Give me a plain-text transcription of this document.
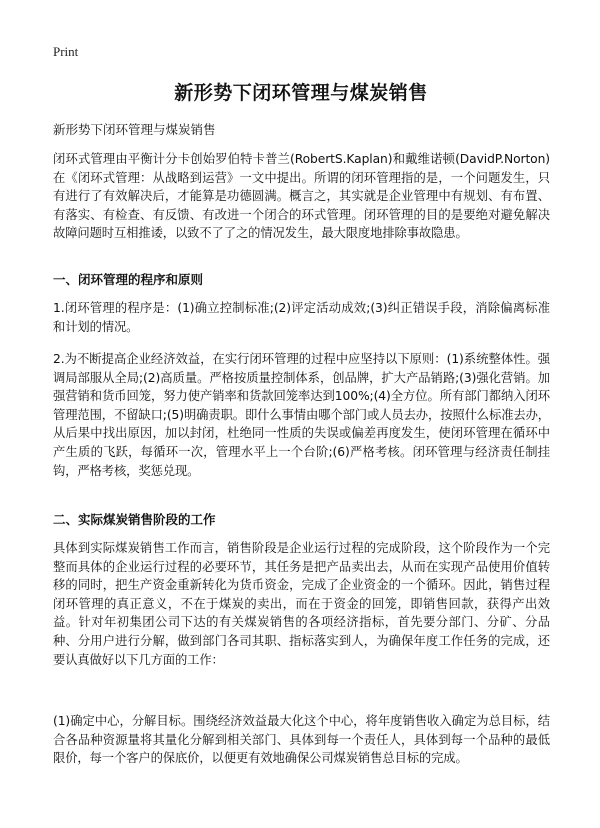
Print
新形势下闭环管理与煤炭销售

新形势下闭环管理与煤炭销售

闭环式管理由平衡计分卡创始罗伯特卡普兰(RobertS.Kaplan)和戴维诺顿(DavidP.Norton)在《闭环式管理：从战略到运营》一文中提出。所谓的闭环管理指的是，一个问题发生，只有进行了有效解决后，才能算是功德圆满。概言之，其实就是企业管理中有规划、有布置、有落实、有检查、有反馈、有改进一个闭合的环式管理。闭环管理的目的是要绝对避免解决故障问题时互相推诿，以致不了了之的情况发生，最大限度地排除事故隐患。

一、闭环管理的程序和原则

1.闭环管理的程序是：(1)确立控制标准;(2)评定活动成效;(3)纠正错误手段，消除偏离标准和计划的情况。

2.为不断提高企业经济效益，在实行闭环管理的过程中应坚持以下原则：(1)系统整体性。强调局部服从全局;(2)高质量。严格按质量控制体系，创品牌，扩大产品销路;(3)强化营销。加强营销和货币回笼，努力使产销率和货款回笼率达到100%;(4)全方位。所有部门都纳入闭环管理范围，不留缺口;(5)明确责职。即什么事情由哪个部门或人员去办，按照什么标准去办，从后果中找出原因，加以封闭，杜绝同一性质的失误或偏差再度发生，使闭环管理在循环中产生质的飞跃，每循环一次，管理水平上一个台阶;(6)严格考核。闭环管理与经济责任制挂钩，严格考核，奖惩兑现。

二、实际煤炭销售阶段的工作

具体到实际煤炭销售工作而言，销售阶段是企业运行过程的完成阶段，这个阶段作为一个完整而具体的企业运行过程的必要环节，其任务是把产品卖出去，从而在实现产品使用价值转移的同时，把生产资金重新转化为货币资金，完成了企业资金的一个循环。因此，销售过程闭环管理的真正意义，不在于煤炭的卖出，而在于资金的回笼，即销售回款，获得产出效益。针对年初集团公司下达的有关煤炭销售的各项经济指标，首先要分部门、分矿、分品种、分用户进行分解，做到部门各司其职、指标落实到人，为确保年度工作任务的完成，还要认真做好以下几方面的工作：

(1)确定中心，分解目标。围绕经济效益最大化这个中心，将年度销售收入确定为总目标，结合各品种资源量将其量化分解到相关部门、具体到每一个责任人，具体到每一个品种的最低限价，每一个客户的保底价，以便更有效地确保公司煤炭销售总目标的完成。
